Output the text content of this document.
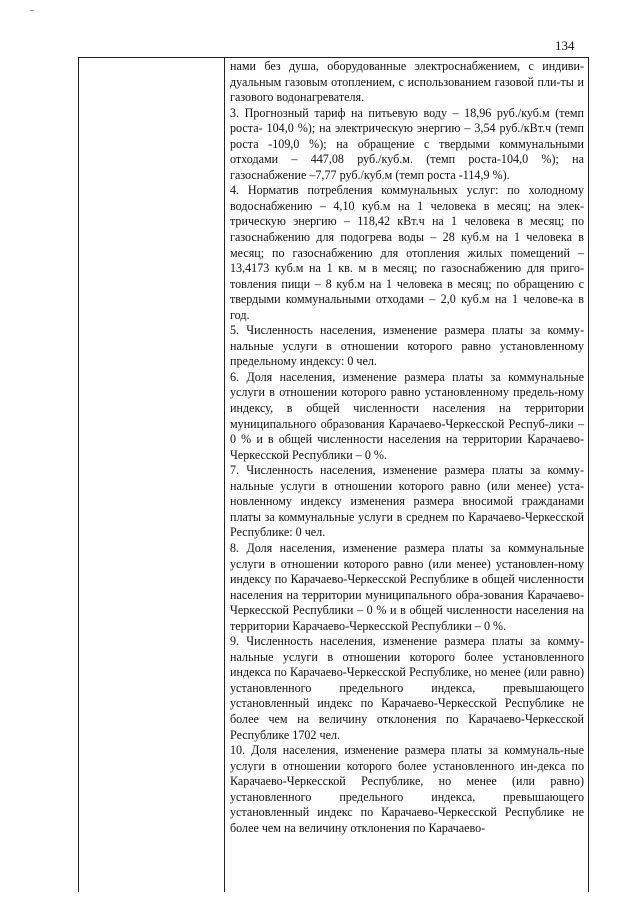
134

нами без душа, оборудованные электроснабжением, с индиви-дуальным газовым отоплением, с использованием газовой пли-ты и газового водонагревателя.

3. Прогнозный тариф на питьевую воду – 18,96 руб./куб.м (темп роста- 104,0 %); на электрическую энергию – 3,54 руб./кВт.ч (темп роста -109,0 %); на обращение с твердыми коммунальными отходами – 447,08 руб./куб.м. (темп роста-104,0 %); на газоснабжение –7,77 руб./куб.м (темп роста -114,9 %).

4. Норматив потребления коммунальных услуг: по холодному водоснабжению – 4,10 куб.м на 1 человека в месяц; на элек-трическую энергию – 118,42 кВт.ч на 1 человека в месяц; по газоснабжению для подогрева воды – 28 куб.м на 1 человека в месяц; по газоснабжению для отопления жилых помещений – 13,4173 куб.м на 1 кв. м в месяц; по газоснабжению для приго-товления пищи – 8 куб.м на 1 человека в месяц; по обращению с твердыми коммунальными отходами – 2,0 куб.м на 1 челове-ка в год.

5. Численность населения, изменение размера платы за комму-нальные услуги в отношении которого равно установленному предельному индексу: 0 чел.

6. Доля населения, изменение размера платы за коммунальные услуги в отношении которого равно установленному предель-ному индексу, в общей численности населения на территории муниципального образования Карачаево-Черкесской Респуб-лики – 0 % и в общей численности населения на территории Карачаево-Черкесской Республики – 0 %.

7. Численность населения, изменение размера платы за комму-нальные услуги в отношении которого равно (или менее) уста-новленному индексу изменения размера вносимой гражданами платы за коммунальные услуги в среднем по Карачаево-Черкесской Республике: 0 чел.

8. Доля населения, изменение размера платы за коммунальные услуги в отношении которого равно (или менее) установлен-ному индексу по Карачаево-Черкесской Республике в общей численности населения на территории муниципального обра-зования Карачаево-Черкесской Республики – 0 % и в общей численности населения на территории Карачаево-Черкесской Республики – 0 %.

9. Численность населения, изменение размера платы за комму-нальные услуги в отношении которого более установленного индекса по Карачаево-Черкесской Республике, но менее (или равно) установленного предельного индекса, превышающего установленный индекс по Карачаево-Черкесской Республике не более чем на величину отклонения по Карачаево-Черкесской Республике 1702 чел.

10. Доля населения, изменение размера платы за коммуналь-ные услуги в отношении которого более установленного ин-декса по Карачаево-Черкесской Республике, но менее (или равно) установленного предельного индекса, превышающего установленный индекс по Карачаево-Черкесской Республике не более чем на величину отклонения по Карачаево-
